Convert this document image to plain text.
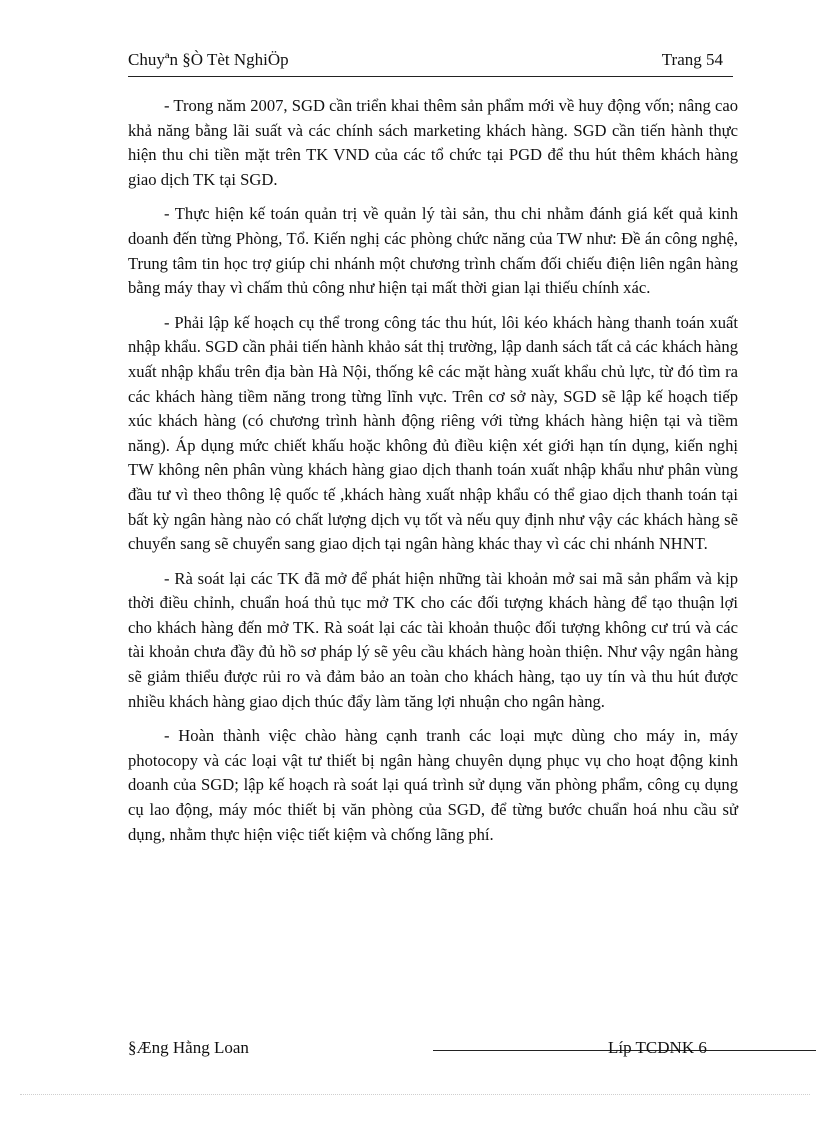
Chuyªn §Ò Tèt NghiÖp	Trang 54

- Trong năm 2007, SGD cần triển khai thêm sản phẩm mới về huy động vốn; nâng cao khả năng bằng lãi suất và các chính sách marketing khách hàng. SGD cần tiến hành thực hiện thu chi tiền mặt trên TK VND của các tổ chức tại PGD để thu hút thêm khách hàng giao dịch TK tại SGD.

- Thực hiện kế toán quản trị về quản lý tài sản, thu chi nhằm đánh giá kết quả kinh doanh đến từng Phòng, Tổ. Kiến nghị các phòng chức năng của TW như: Đề án công nghệ, Trung tâm tin học trợ giúp chi nhánh một chương trình chấm đối chiếu điện liên ngân hàng bằng máy thay vì chấm thủ công như hiện tại mất thời gian lại thiếu chính xác.

- Phải lập kế hoạch cụ thể trong công tác thu hút, lôi kéo khách hàng thanh toán xuất nhập khẩu. SGD cần phải tiến hành khảo sát thị trường, lập danh sách tất cả các khách hàng xuất nhập khẩu trên địa bàn Hà Nội, thống kê các mặt hàng xuất khẩu chủ lực, từ đó tìm ra các khách hàng tiềm năng trong từng lĩnh vực. Trên cơ sở này, SGD sẽ lập kế hoạch tiếp xúc khách hàng (có chương trình hành động riêng với từng khách hàng hiện tại và tiềm năng). Áp dụng mức chiết khấu hoặc không đủ điều kiện xét giới hạn tín dụng, kiến nghị TW không nên phân vùng khách hàng giao dịch thanh toán xuất nhập khẩu như phân vùng đầu tư vì theo thông lệ quốc tế ,khách hàng xuất nhập khẩu có thể giao dịch thanh toán tại bất kỳ ngân hàng nào có chất lượng dịch vụ tốt và nếu quy định như vậy các khách hàng sẽ chuyển sang sẽ chuyển sang giao dịch tại ngân hàng khác thay vì các chi nhánh NHNT.

- Rà soát lại các TK đã mở để phát hiện những tài khoản mở sai mã sản phẩm và kịp thời điều chỉnh, chuẩn hoá thủ tục mở TK cho các đối tượng khách hàng để tạo thuận lợi cho khách hàng đến mở TK. Rà soát lại các tài khoản thuộc đối tượng không cư trú và các tài khoản chưa đầy đủ hồ sơ pháp lý sẽ yêu cầu khách hàng hoàn thiện. Như vậy ngân hàng sẽ giảm thiểu được rủi ro và đảm bảo an toàn cho khách hàng, tạo uy tín và thu hút được nhiều khách hàng giao dịch thúc đẩy làm tăng lợi nhuận cho ngân hàng.

- Hoàn thành việc chào hàng cạnh tranh các loại mực dùng cho máy in, máy photocopy và các loại vật tư thiết bị ngân hàng chuyên dụng phục vụ cho hoạt động kinh doanh của SGD; lập kế hoạch rà soát lại quá trình sử dụng văn phòng phẩm, công cụ dụng cụ lao động, máy móc thiết bị văn phòng của SGD, để từng bước chuẩn hoá nhu cầu sử dụng, nhằm thực hiện việc tiết kiệm và chống lãng phí.

§Æng Hằng Loan	Líp TCDNK 6
